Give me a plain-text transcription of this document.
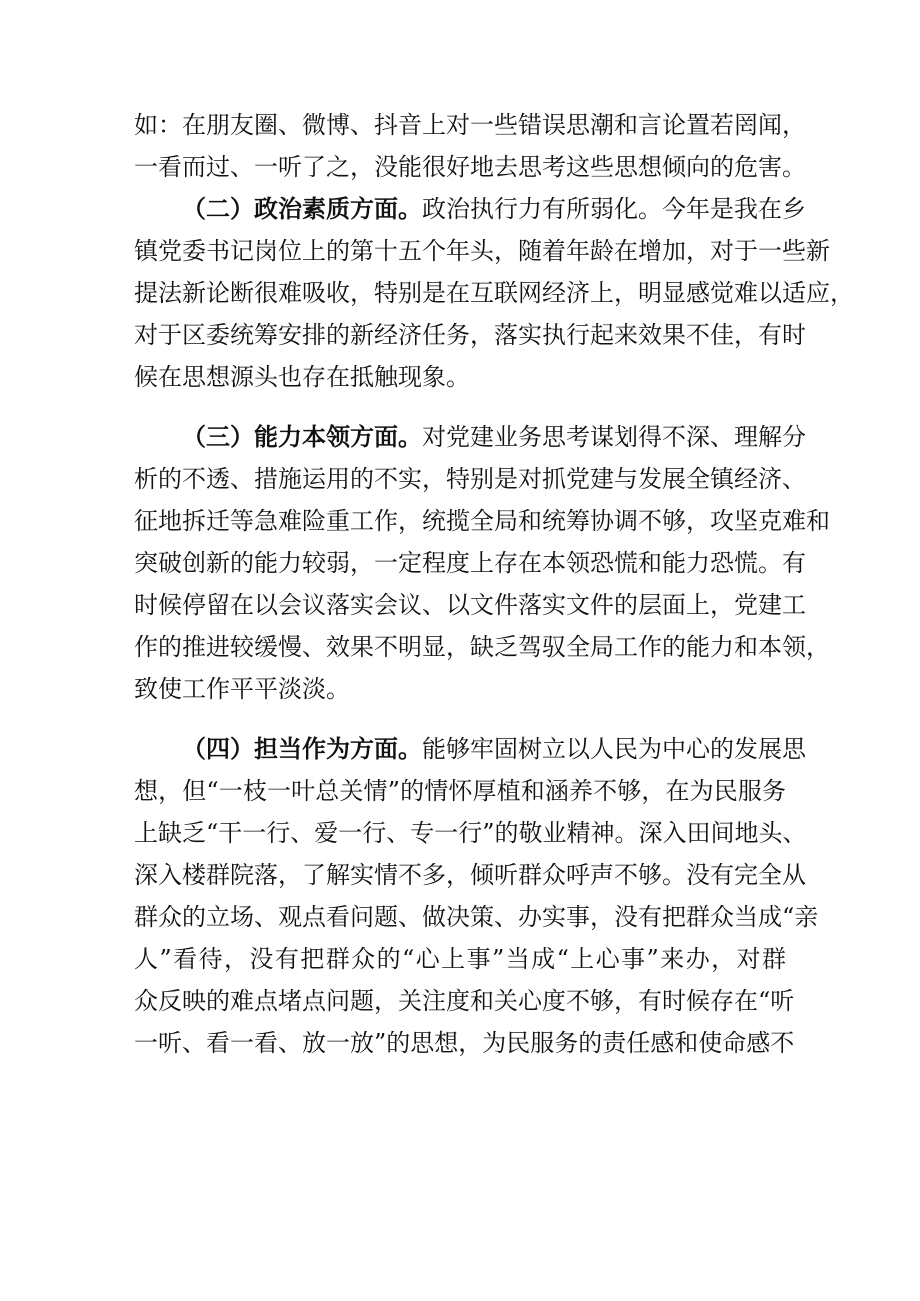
如：在朋友圈、微博、抖音上对一些错误思潮和言论置若罔闻，
一看而过、一听了之，没能很好地去思考这些思想倾向的危害。
（二）政治素质方面。政治执行力有所弱化。今年是我在乡
镇党委书记岗位上的第十五个年头，随着年龄在增加，对于一些新
提法新论断很难吸收，特别是在互联网经济上，明显感觉难以适应，
对于区委统筹安排的新经济任务，落实执行起来效果不佳，有时
候在思想源头也存在抵触现象。
（三）能力本领方面。对党建业务思考谋划得不深、理解分
析的不透、措施运用的不实，特别是对抓党建与发展全镇经济、
征地拆迁等急难险重工作，统揽全局和统筹协调不够，攻坚克难和
突破创新的能力较弱，一定程度上存在本领恐慌和能力恐慌。有
时候停留在以会议落实会议、以文件落实文件的层面上，党建工
作的推进较缓慢、效果不明显，缺乏驾驭全局工作的能力和本领，
致使工作平平淡淡。
（四）担当作为方面。能够牢固树立以人民为中心的发展思
想，但“一枝一叶总关情”的情怀厚植和涵养不够，在为民服务
上缺乏“干一行、爱一行、专一行”的敬业精神。深入田间地头、
深入楼群院落，了解实情不多，倾听群众呼声不够。没有完全从
群众的立场、观点看问题、做决策、办实事，没有把群众当成“亲
人”看待，没有把群众的“心上事”当成“上心事”来办，对群
众反映的难点堵点问题，关注度和关心度不够，有时候存在“听
一听、看一看、放一放”的思想，为民服务的责任感和使命感不
